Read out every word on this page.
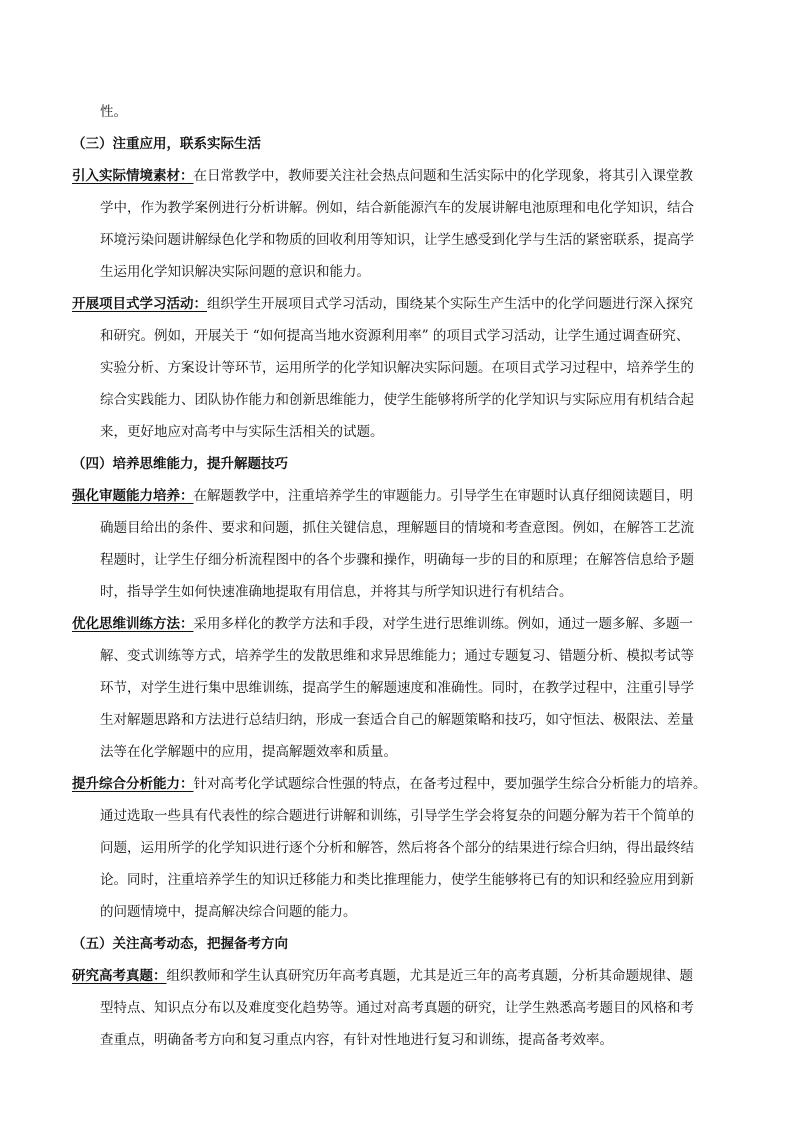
性。
（三）注重应用，联系实际生活
引入实际情境素材：在日常教学中，教师要关注社会热点问题和生活实际中的化学现象，将其引入课堂教
学中，作为教学案例进行分析讲解。例如，结合新能源汽车的发展讲解电池原理和电化学知识，结合
环境污染问题讲解绿色化学和物质的回收利用等知识，让学生感受到化学与生活的紧密联系，提高学
生运用化学知识解决实际问题的意识和能力。
开展项目式学习活动：组织学生开展项目式学习活动，围绕某个实际生产生活中的化学问题进行深入探究
和研究。例如，开展关于 “如何提高当地水资源利用率” 的项目式学习活动，让学生通过调查研究、
实验分析、方案设计等环节，运用所学的化学知识解决实际问题。在项目式学习过程中，培养学生的
综合实践能力、团队协作能力和创新思维能力，使学生能够将所学的化学知识与实际应用有机结合起
来，更好地应对高考中与实际生活相关的试题。
（四）培养思维能力，提升解题技巧
强化审题能力培养：在解题教学中，注重培养学生的审题能力。引导学生在审题时认真仔细阅读题目，明
确题目给出的条件、要求和问题，抓住关键信息，理解题目的情境和考查意图。例如，在解答工艺流
程题时，让学生仔细分析流程图中的各个步骤和操作，明确每一步的目的和原理；在解答信息给予题
时，指导学生如何快速准确地提取有用信息，并将其与所学知识进行有机结合。
优化思维训练方法：采用多样化的教学方法和手段，对学生进行思维训练。例如，通过一题多解、多题一
解、变式训练等方式，培养学生的发散思维和求异思维能力；通过专题复习、错题分析、模拟考试等
环节，对学生进行集中思维训练，提高学生的解题速度和准确性。同时，在教学过程中，注重引导学
生对解题思路和方法进行总结归纳，形成一套适合自己的解题策略和技巧，如守恒法、极限法、差量
法等在化学解题中的应用，提高解题效率和质量。
提升综合分析能力：针对高考化学试题综合性强的特点，在备考过程中，要加强学生综合分析能力的培养。
通过选取一些具有代表性的综合题进行讲解和训练，引导学生学会将复杂的问题分解为若干个简单的
问题，运用所学的化学知识进行逐个分析和解答，然后将各个部分的结果进行综合归纳，得出最终结
论。同时，注重培养学生的知识迁移能力和类比推理能力，使学生能够将已有的知识和经验应用到新
的问题情境中，提高解决综合问题的能力。
（五）关注高考动态，把握备考方向
研究高考真题：组织教师和学生认真研究历年高考真题，尤其是近三年的高考真题，分析其命题规律、题
型特点、知识点分布以及难度变化趋势等。通过对高考真题的研究，让学生熟悉高考题目的风格和考
查重点，明确备考方向和复习重点内容，有针对性地进行复习和训练，提高备考效率。
